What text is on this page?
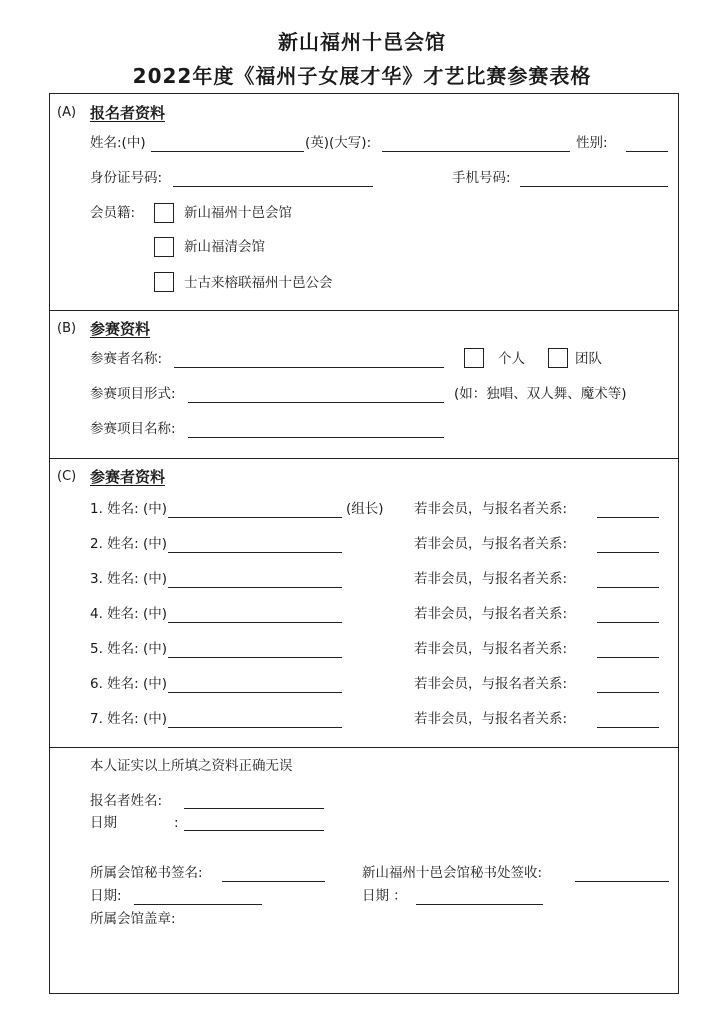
新山福州十邑会馆
2022年度《福州子女展才华》才艺比赛参赛表格
(A) 报名者资料
姓名:(中)	(英)(大写):	性别:
身份证号码:	手机号码:
会员籍:	新山福州十邑会馆
新山福清会馆
士古来榕联福州十邑公会
(B) 参赛资料
参赛者名称:	个人	团队
参赛项目形式:	(如：独唱、双人舞、魔术等)
参赛项目名称:
(C) 参赛者资料
1. 姓名: (中)	(组长) 若非会员，与报名者关系:
2. 姓名: (中)	若非会员，与报名者关系:
3. 姓名: (中)	若非会员，与报名者关系:
4. 姓名: (中)	若非会员，与报名者关系:
5. 姓名: (中)	若非会员，与报名者关系:
6. 姓名: (中)	若非会员，与报名者关系:
7. 姓名: (中)	若非会员，与报名者关系:
本人证实以上所填之资料正确无误
报名者姓名:
日期	:
所属会馆秘书签名:	新山福州十邑会馆秘书处签收:
日期:	日期 ：
所属会馆盖章:
